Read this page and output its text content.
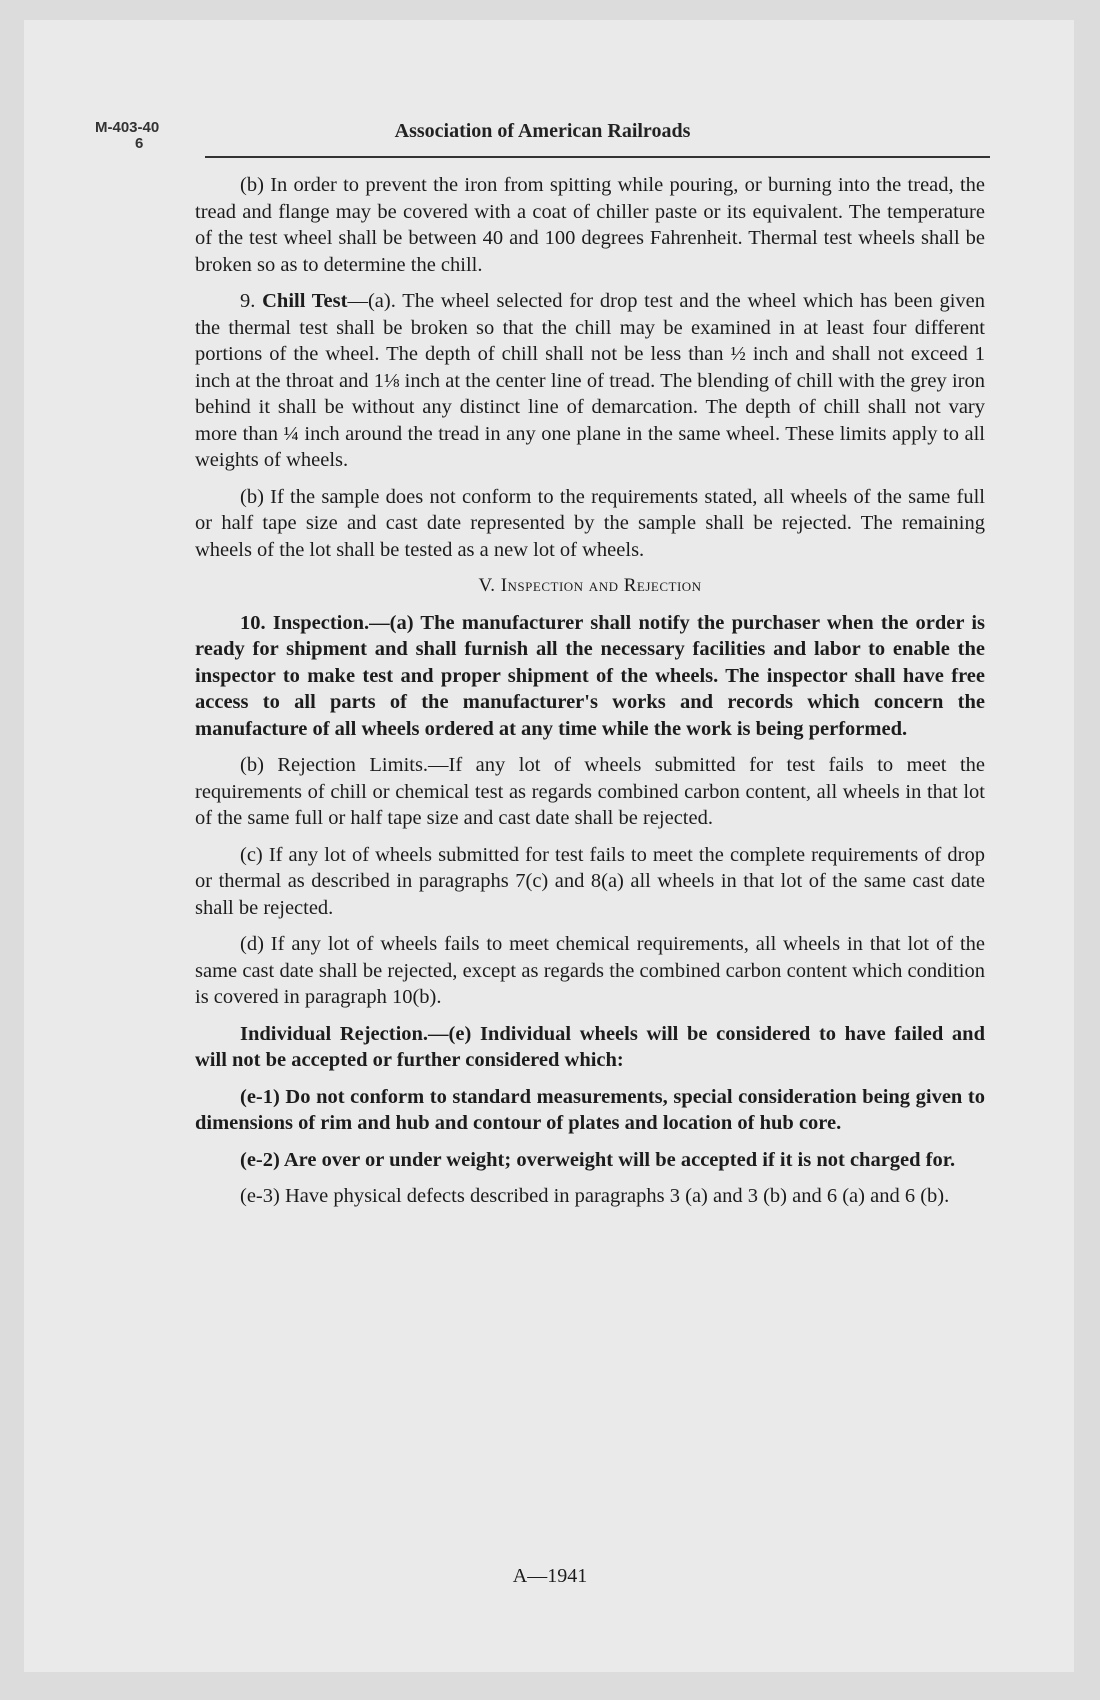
M-403-40
6
Association of American Railroads

(b) In order to prevent the iron from spitting while pouring, or burning into the tread, the tread and flange may be covered with a coat of chiller paste or its equivalent. The temperature of the test wheel shall be between 40 and 100 degrees Fahrenheit. Thermal test wheels shall be broken so as to determine the chill.

9. Chill Test—(a). The wheel selected for drop test and the wheel which has been given the thermal test shall be broken so that the chill may be examined in at least four different portions of the wheel. The depth of chill shall not be less than ½ inch and shall not exceed 1 inch at the throat and 1⅛ inch at the center line of tread. The blending of chill with the grey iron behind it shall be without any distinct line of demarcation. The depth of chill shall not vary more than ¼ inch around the tread in any one plane in the same wheel. These limits apply to all weights of wheels.

(b) If the sample does not conform to the requirements stated, all wheels of the same full or half tape size and cast date represented by the sample shall be rejected. The remaining wheels of the lot shall be tested as a new lot of wheels.

V. Inspection and Rejection

10. Inspection.—(a) The manufacturer shall notify the purchaser when the order is ready for shipment and shall furnish all the necessary facilities and labor to enable the inspector to make test and proper shipment of the wheels. The inspector shall have free access to all parts of the manufacturer's works and records which concern the manufacture of all wheels ordered at any time while the work is being performed.

(b) Rejection Limits.—If any lot of wheels submitted for test fails to meet the requirements of chill or chemical test as regards combined carbon content, all wheels in that lot of the same full or half tape size and cast date shall be rejected.

(c) If any lot of wheels submitted for test fails to meet the complete requirements of drop or thermal as described in paragraphs 7(c) and 8(a) all wheels in that lot of the same cast date shall be rejected.

(d) If any lot of wheels fails to meet chemical requirements, all wheels in that lot of the same cast date shall be rejected, except as regards the combined carbon content which condition is covered in paragraph 10(b).

Individual Rejection.—(e) Individual wheels will be considered to have failed and will not be accepted or further considered which:

(e-1) Do not conform to standard measurements, special consideration being given to dimensions of rim and hub and contour of plates and location of hub core.

(e-2) Are over or under weight; overweight will be accepted if it is not charged for.

(e-3) Have physical defects described in paragraphs 3 (a) and 3 (b) and 6 (a) and 6 (b).

A—1941
